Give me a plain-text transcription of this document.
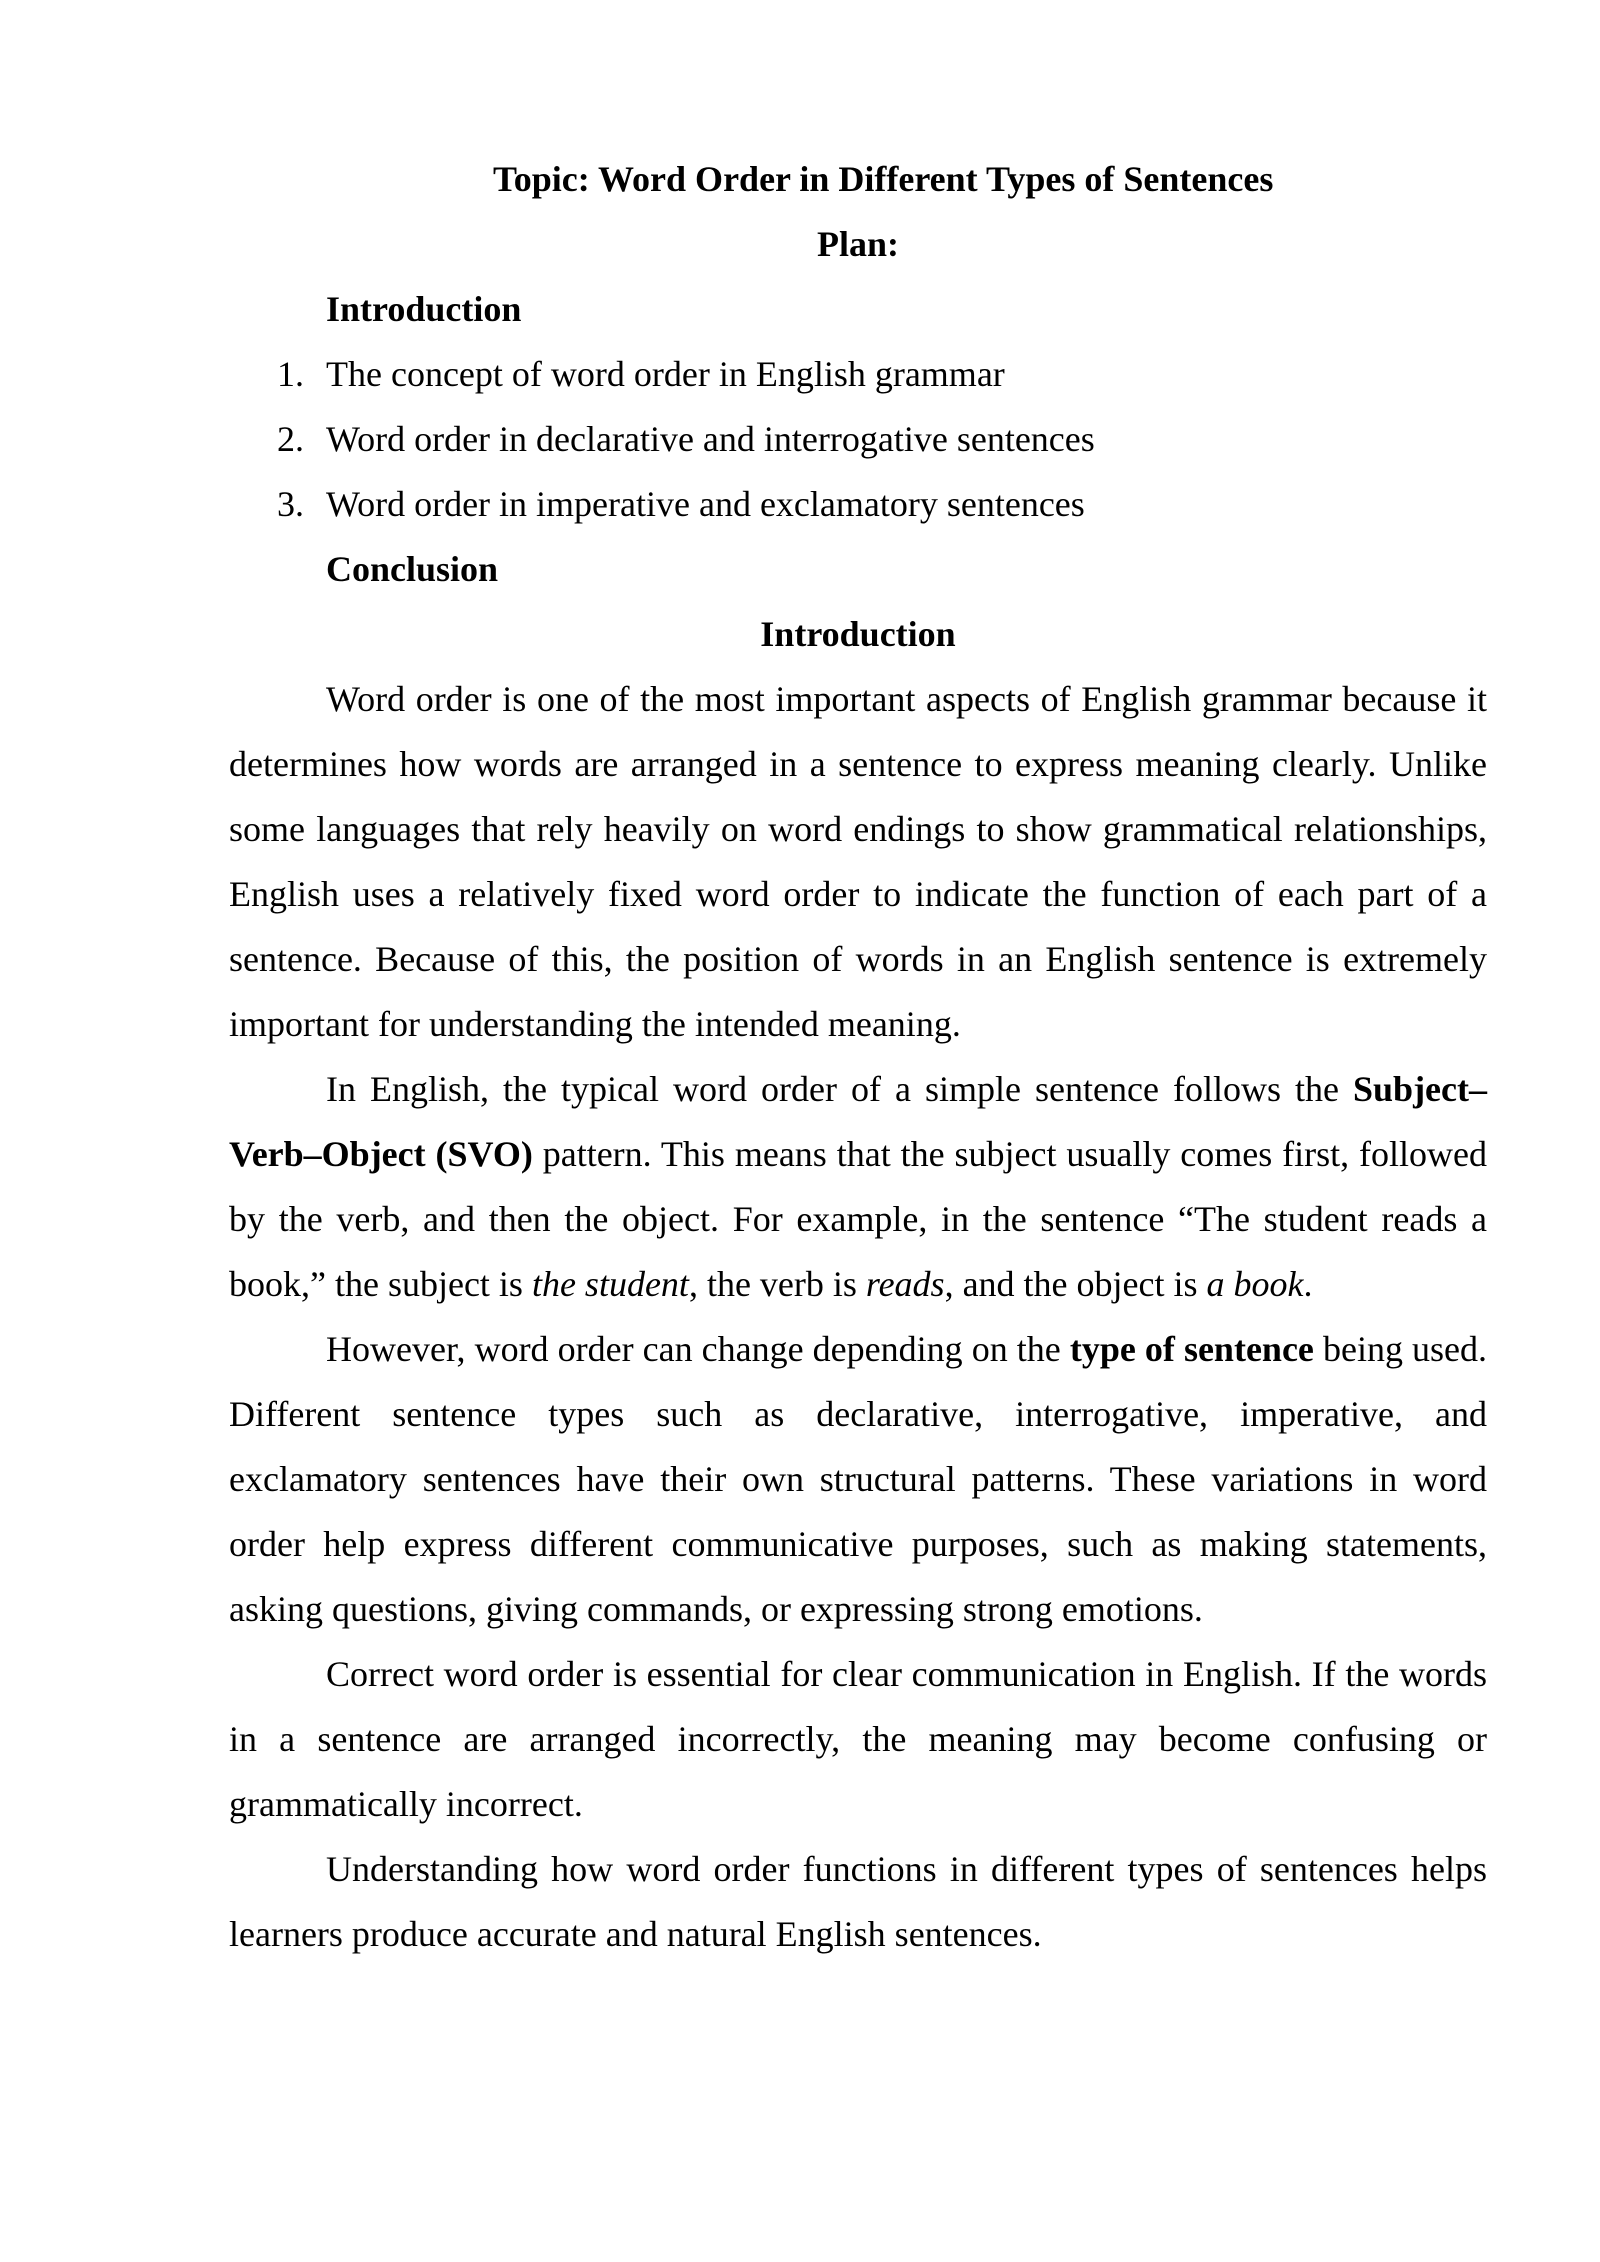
Topic: Word Order in Different Types of Sentences

Plan:

Introduction

1. The concept of word order in English grammar
2. Word order in declarative and interrogative sentences
3. Word order in imperative and exclamatory sentences

Conclusion

Introduction

Word order is one of the most important aspects of English grammar because it determines how words are arranged in a sentence to express meaning clearly. Unlike some languages that rely heavily on word endings to show grammatical relationships, English uses a relatively fixed word order to indicate the function of each part of a sentence. Because of this, the position of words in an English sentence is extremely important for understanding the intended meaning.

In English, the typical word order of a simple sentence follows the Subject–Verb–Object (SVO) pattern. This means that the subject usually comes first, followed by the verb, and then the object. For example, in the sentence “The student reads a book,” the subject is the student, the verb is reads, and the object is a book.

However, word order can change depending on the type of sentence being used. Different sentence types such as declarative, interrogative, imperative, and exclamatory sentences have their own structural patterns. These variations in word order help express different communicative purposes, such as making statements, asking questions, giving commands, or expressing strong emotions.

Correct word order is essential for clear communication in English. If the words in a sentence are arranged incorrectly, the meaning may become confusing or grammatically incorrect.

Understanding how word order functions in different types of sentences helps learners produce accurate and natural English sentences.
